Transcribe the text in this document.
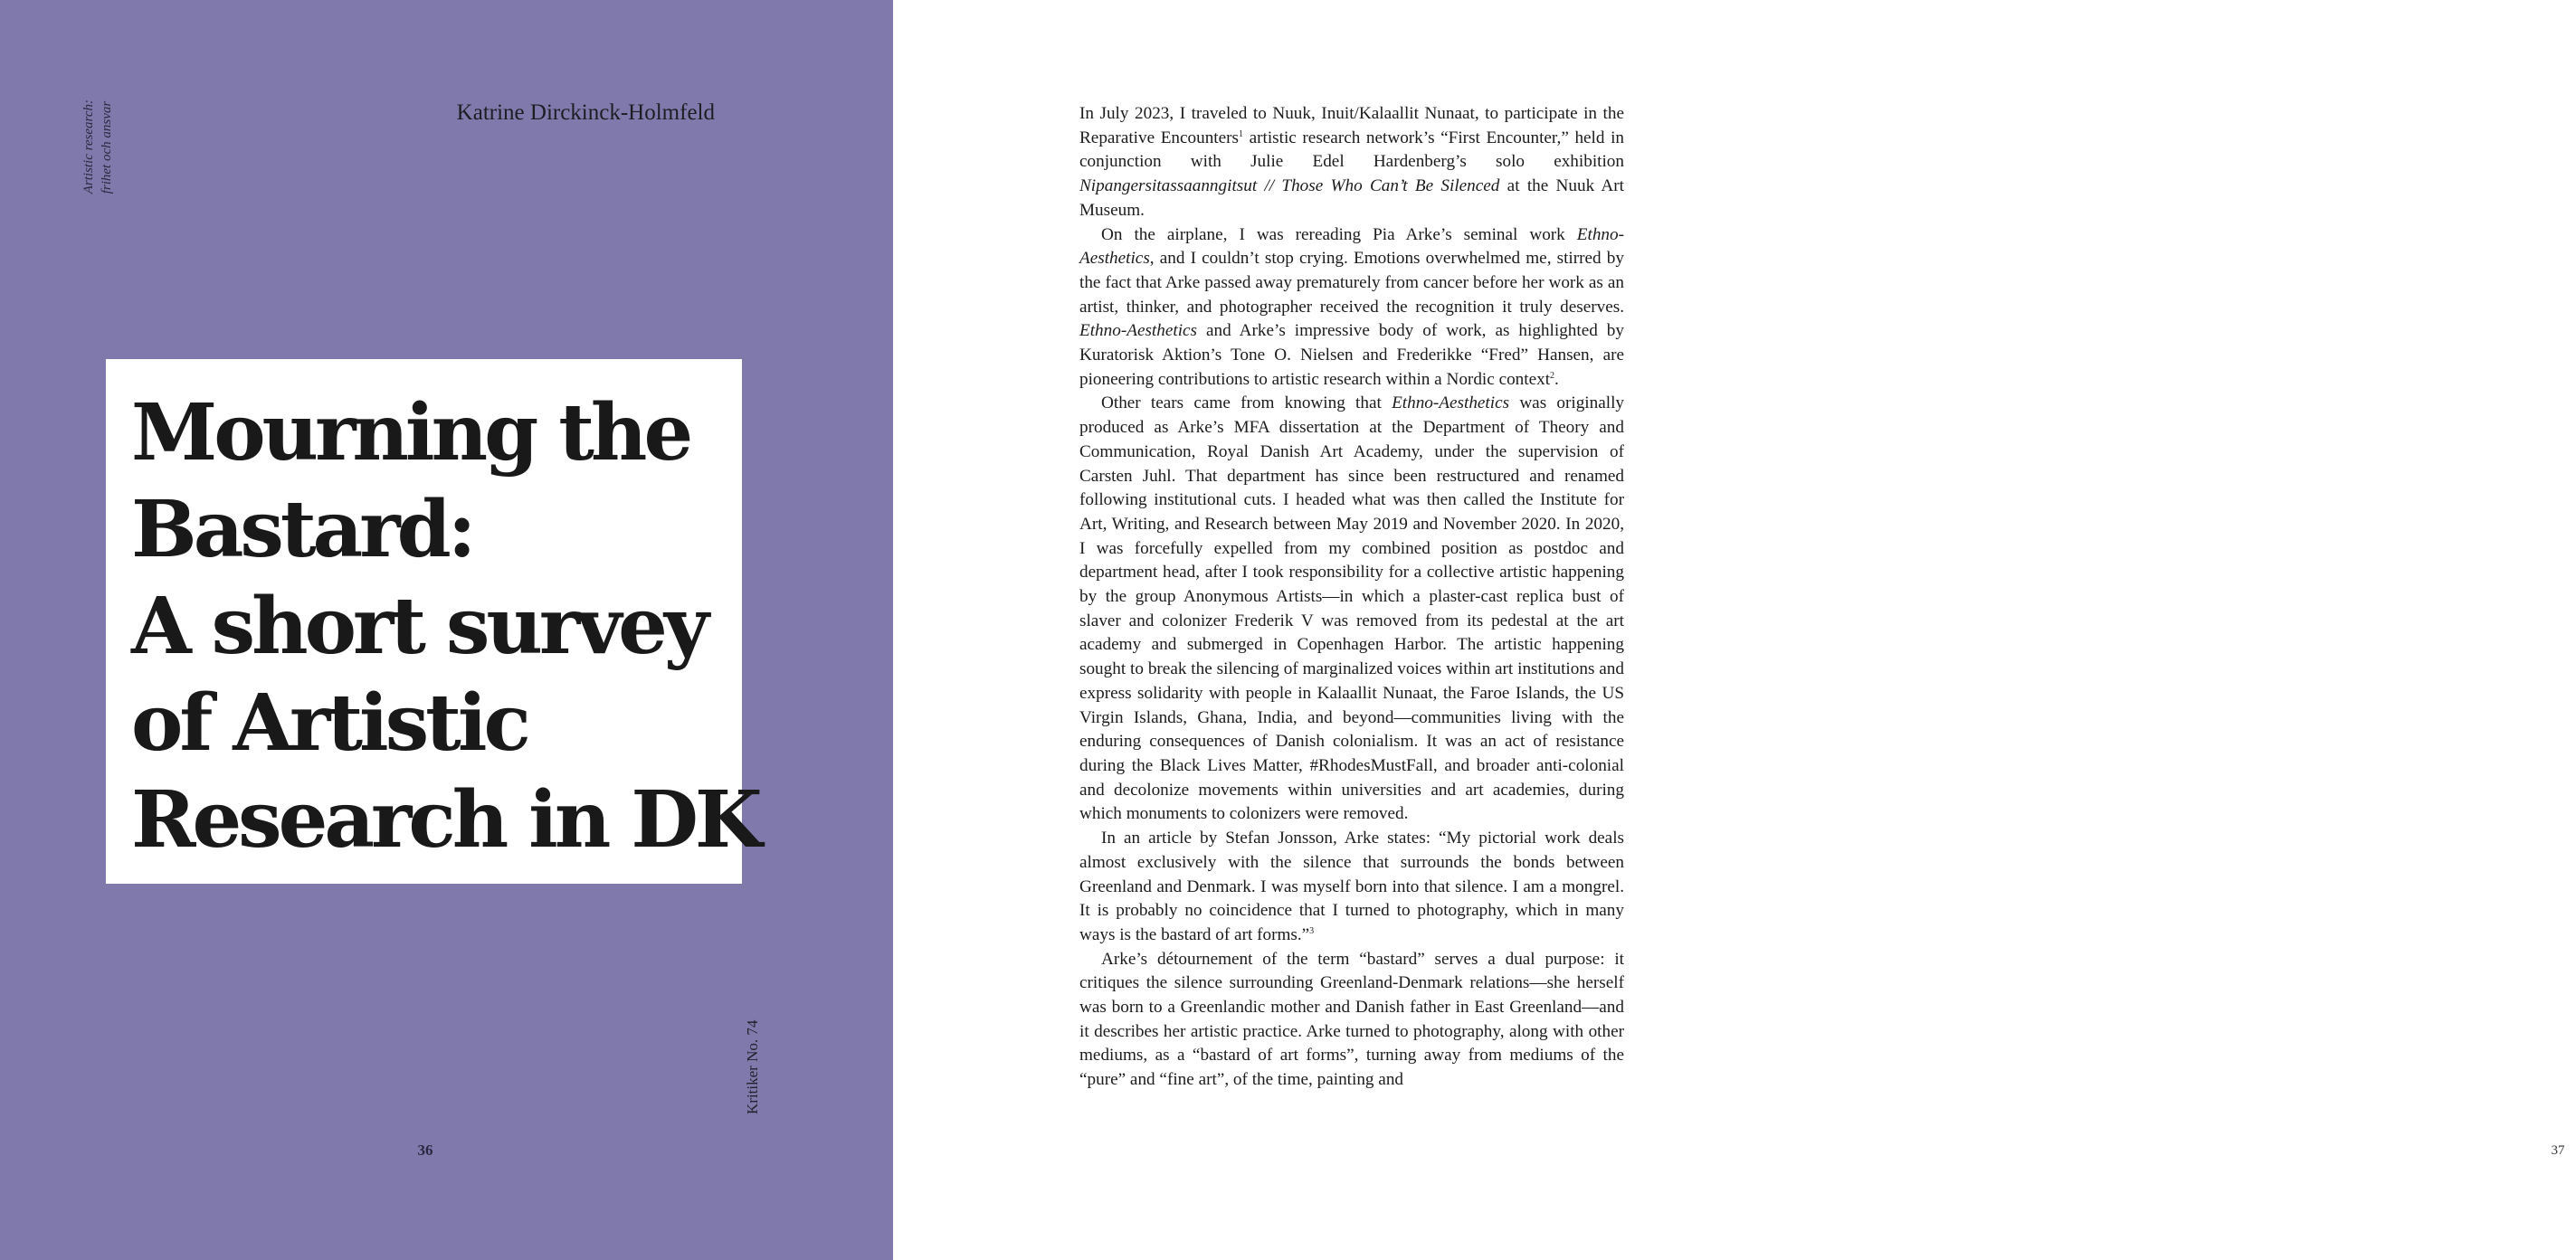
Artistic research: frihet och ansvar	Katrine Dirckinck-Holmfeld
Mourning the
Bastard:
A short survey
of Artistic
Research in DK
Kritiker No. 74
36	37

In July 2023, I traveled to Nuuk, Inuit/Kalaallit Nunaat, to participate in the Reparative Encounters$^1$ artistic research network’s “First Encounter,” held in conjunction with Julie Edel Hardenberg’s solo exhibition Nipangersitassaanngitsut // Those Who Can’t Be Silenced at the Nuuk Art Museum.

On the airplane, I was rereading Pia Arke’s seminal work Ethno-Aesthetics, and I couldn’t stop crying. Emotions overwhelmed me, stirred by the fact that Arke passed away prematurely from cancer before her work as an artist, thinker, and photographer received the recognition it truly deserves. Ethno-Aesthetics and Arke’s impressive body of work, as highlighted by Kuratorisk Aktion’s Tone O. Nielsen and Frederikke “Fred” Hansen, are pioneering contributions to artistic research within a Nordic context$^2$.

Other tears came from knowing that Ethno-Aesthetics was originally produced as Arke’s MFA dissertation at the Department of Theory and Communication, Royal Danish Art Academy, under the supervision of Carsten Juhl. That department has since been restructured and renamed following institutional cuts. I headed what was then called the Institute for Art, Writing, and Research between May 2019 and November 2020. In 2020, I was forcefully expelled from my combined position as postdoc and department head, after I took responsibility for a collective artistic happening by the group Anonymous Artists—in which a plaster-cast replica bust of slaver and colonizer Frederik V was removed from its pedestal at the art academy and submerged in Copenhagen Harbor. The artistic happening sought to break the silencing of marginalized voices within art institutions and express solidarity with people in Kalaallit Nunaat, the Faroe Islands, the US Virgin Islands, Ghana, India, and beyond—communities living with the enduring consequences of Danish colonialism. It was an act of resistance during the Black Lives Matter, #RhodesMustFall, and broader anti-colonial and decolonize movements within universities and art academies, during which monuments to colonizers were removed.

In an article by Stefan Jonsson, Arke states: “My pictorial work deals almost exclusively with the silence that surrounds the bonds between Greenland and Denmark. I was myself born into that silence. I am a mongrel. It is probably no coincidence that I turned to photography, which in many ways is the bastard of art forms.”$^3$

Arke’s détournement of the term “bastard” serves a dual purpose: it critiques the silence surrounding Greenland-Denmark relations—she herself was born to a Greenlandic mother and Danish father in East Greenland—and it describes her artistic practice. Arke turned to photography, along with other mediums, as a “bastard of art forms”, turning away from mediums of the “pure” and “fine art”, of the time, painting and
